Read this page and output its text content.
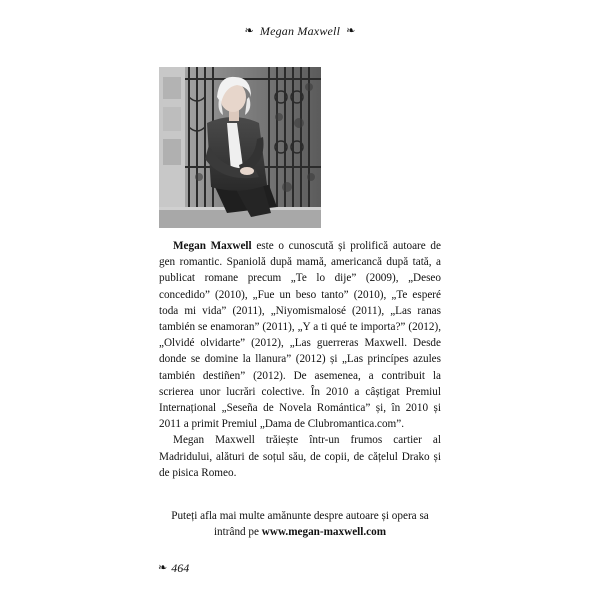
❧ Megan Maxwell ❧

Megan Maxwell este o cunoscută și prolifică autoare de gen romantic. Spaniolă după mamă, americancă după tată, a publicat romane precum „Te lo dije” (2009), „Deseo concedido” (2010), „Fue un beso tanto” (2010), „Te esperé toda mi vida” (2011), „Niyomismalosé (2011), „Las ranas también se enamoran” (2011), „Y a ti qué te importa?” (2012), „Olvidé olvidarte” (2012), „Las guerreras Maxwell. Desde donde se domine la llanura” (2012) și „Las princípes azules también destiñen” (2012). De asemenea, a contribuit la scrierea unor lucrări colective. În 2010 a câștigat Premiul Internațional „Seseña de Novela Romántica” și, în 2010 și 2011 a primit Premiul „Dama de Clubromantica.com”.

Megan Maxwell trăiește într-un frumos cartier al Madridului, alături de soțul său, de copii, de cățelul Drako și de pisica Romeo.

Puteți afla mai multe amănunte despre autoare și opera sa intrând pe www.megan-maxwell.com
❧ 464
